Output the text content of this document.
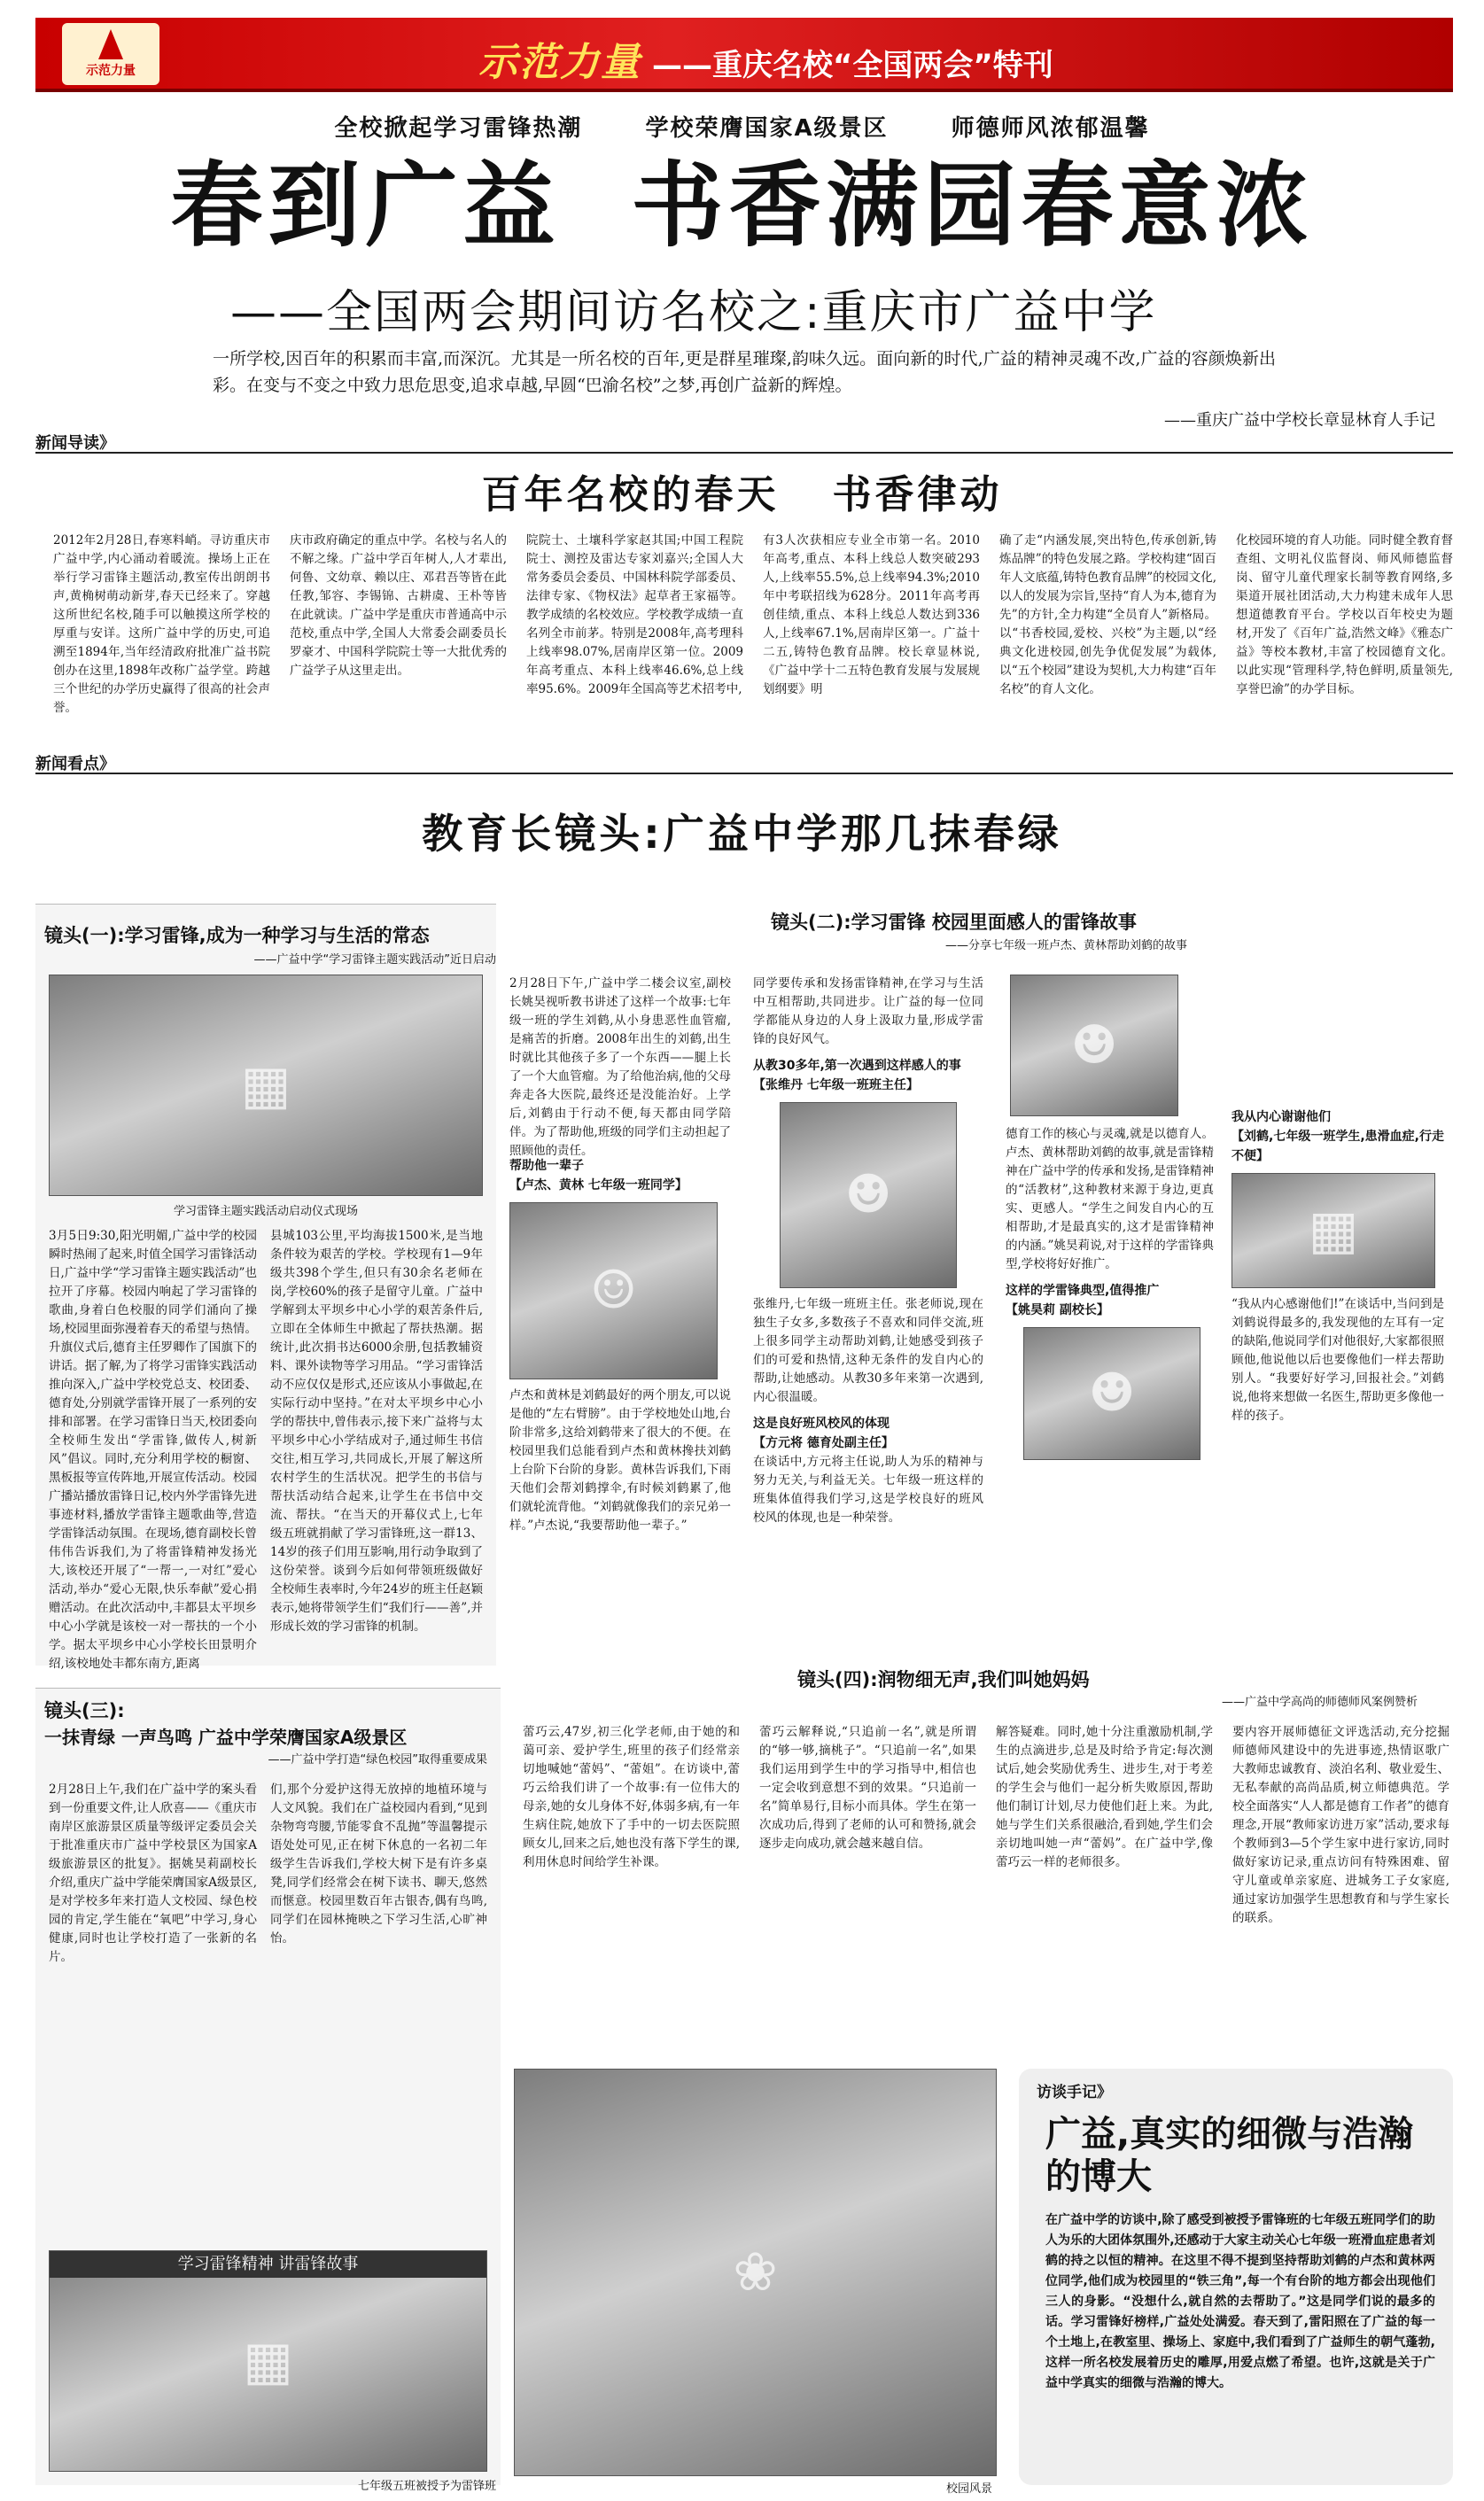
示范力量	示范力量 ——重庆名校“全国两会”特刊
全校掀起学习雷锋热潮	学校荣膺国家A级景区	师德师风浓郁温馨
春到广益 书香满园春意浓
——全国两会期间访名校之:重庆市广益中学
一所学校,因百年的积累而丰富,而深沉。尤其是一所名校的百年,更是群星璀璨,韵味久远。面向新的时代,广益的精神灵魂不改,广益的容颜焕新出彩。在变与不变之中致力思危思变,追求卓越,早圆“巴渝名校”之梦,再创广益新的辉煌。
——重庆广益中学校长章显林育人手记
新闻导读》
百年名校的春天 书香律动
2012年2月28日,春寒料峭。寻访重庆市广益中学,内心涌动着暖流。操场上正在举行学习雷锋主题活动,教室传出朗朗书声,黄桷树萌动新芽,春天已经来了。穿越这所世纪名校,随手可以触摸这所学校的厚重与安详。这所广益中学的历史,可追溯至1894年,当年经清政府批准广益书院创办在这里,1898年改称广益学堂。跨越三个世纪的办学历史赢得了很高的社会声誉。
庆市政府确定的重点中学。名校与名人的不解之缘。广益中学百年树人,人才辈出,何鲁、文幼章、赖以庄、邓君吾等皆在此任教,邹容、李锡锦、古耕虞、王朴等皆在此就读。广益中学是重庆市普通高中示范校,重点中学,全国人大常委会副委员长罗豪才、中国科学院院士等一大批优秀的广益学子从这里走出。
院院士、土壤科学家赵其国;中国工程院院士、测控及雷达专家刘嘉兴;全国人大常务委员会委员、中国林科院学部委员、法律专家、《物权法》起草者王家福等。教学成绩的名校效应。学校教学成绩一直名列全市前茅。特别是2008年,高考理科上线率98.07%,居南岸区第一位。2009年高考重点、本科上线率46.6%,总上线率95.6%。2009年全国高等艺术招考中,
有3人次获相应专业全市第一名。2010年高考,重点、本科上线总人数突破293人,上线率55.5%,总上线率94.3%;2010年中考联招线为628分。2011年高考再创佳绩,重点、本科上线总人数达到336人,上线率67.1%,居南岸区第一。广益十二五,铸特色教育品牌。校长章显林说,《广益中学十二五特色教育发展与发展规划纲要》明
确了走“内涵发展,突出特色,传承创新,铸炼品牌”的特色发展之路。学校构建“固百年人文底蕴,铸特色教育品牌”的校园文化,以人的发展为宗旨,坚持“育人为本,德育为先”的方针,全力构建“全员育人”新格局。以“书香校园,爱校、兴校”为主题,以“经典文化进校园,创先争优促发展”为载体,以“五个校园”建设为契机,大力构建“百年名校”的育人文化。
化校园环境的育人功能。同时健全教育督查组、文明礼仪监督岗、师风师德监督岗、留守儿童代理家长制等教育网络,多渠道开展社团活动,大力构建未成年人思想道德教育平台。学校以百年校史为题材,开发了《百年广益,浩然文峰》《雅态广益》等校本教材,丰富了校园德育文化。以此实现“管理科学,特色鲜明,质量领先,享誉巴渝”的办学目标。
新闻看点》
教育长镜头:广益中学那几抹春绿
镜头(一):学习雷锋,成为一种学习与生活的常态
——广益中学“学习雷锋主题实践活动”近日启动
▦
学习雷锋主题实践活动启动仪式现场
3月5日9:30,阳光明媚,广益中学的校园瞬时热闹了起来,时值全国学习雷锋活动日,广益中学“学习雷锋主题实践活动”也拉开了序幕。校园内响起了学习雷锋的歌曲,身着白色校服的同学们涌向了操场,校园里面弥漫着春天的希望与热情。升旗仪式后,德育主任罗卿作了国旗下的讲话。据了解,为了将学习雷锋实践活动推向深入,广益中学校党总支、校团委、德育处,分别就学雷锋开展了一系列的安排和部署。在学习雷锋日当天,校团委向全校师生发出“学雷锋,做传人,树新风”倡议。同时,充分利用学校的橱窗、黑板报等宣传阵地,开展宣传活动。校园广播站播放雷锋日记,校内外学雷锋先进事迹材料,播放学雷锋主题歌曲等,营造学雷锋活动氛围。在现场,德育副校长曾伟伟告诉我们,为了将雷锋精神发扬光大,该校还开展了“一帮一,一对红”爱心活动,举办“爱心无限,快乐奉献”爱心捐赠活动。在此次活动中,丰都县太平坝乡中心小学就是该校一对一帮扶的一个小学。据太平坝乡中心小学校长田景明介绍,该校地处丰都东南方,距离
县城103公里,平均海拔1500米,是当地条件较为艰苦的学校。学校现有1—9年级共398个学生,但只有30余名老师在岗,学校60%的孩子是留守儿童。广益中学解到太平坝乡中心小学的艰苦条件后,立即在全体师生中掀起了帮扶热潮。据统计,此次捐书达6000余册,包括教辅资料、课外读物等学习用品。“学习雷锋活动不应仅仅是形式,还应该从小事做起,在实际行动中坚持。”在对太平坝乡中心小学的帮扶中,曾伟表示,接下来广益将与太平坝乡中心小学结成对子,通过师生书信交往,相互学习,共同成长,开展了解这所农村学生的生活状况。把学生的书信与帮扶活动结合起来,让学生在书信中交流、帮扶。“在当天的开幕仪式上,七年级五班就捐献了学习雷锋班,这一群13、14岁的孩子们用互影响,用行动争取到了这份荣誉。谈到今后如何带领班级做好全校师生表率时,今年24岁的班主任赵颖表示,她将带领学生们“我们行——善”,并形成长效的学习雷锋的机制。
2月28日下午,广益中学二楼会议室,副校长姚昊视听教书讲述了这样一个故事:七年级一班的学生刘鹤,从小身患恶性血管瘤,是痛苦的折磨。2008年出生的刘鹤,出生时就比其他孩子多了一个东西——腿上长了一个大血管瘤。为了给他治病,他的父母奔走各大医院,最终还是没能治好。上学后,刘鹤由于行动不便,每天都由同学陪伴。为了帮助他,班级的同学们主动担起了照顾他的责任。
镜头(二):学习雷锋 校园里面感人的雷锋故事
——分享七年级一班卢杰、黄林帮助刘鹤的故事
帮助他一辈子
【卢杰、黄林 七年级一班同学】
☺
卢杰和黄林是刘鹤最好的两个朋友,可以说是他的“左右臂膀”。由于学校地处山地,台阶非常多,这给刘鹤带来了很大的不便。在校园里我们总能看到卢杰和黄林搀扶刘鹤上台阶下台阶的身影。黄林告诉我们,下雨天他们会帮刘鹤撑伞,有时候刘鹤累了,他们就轮流背他。“刘鹤就像我们的亲兄弟一样。”卢杰说,“我要帮助他一辈子。”
同学要传承和发扬雷锋精神,在学习与生活中互相帮助,共同进步。让广益的每一位同学都能从身边的人身上汲取力量,形成学雷锋的良好风气。
从教30多年,第一次遇到这样感人的事
【张维丹 七年级一班班主任】
☻
张维丹,七年级一班班主任。张老师说,现在独生子女多,多数孩子不喜欢和同伴交流,班上很多同学主动帮助刘鹤,让她感受到孩子们的可爱和热情,这种无条件的发自内心的帮助,让她感动。从教30多年来第一次遇到,内心很温暖。
这是良好班风校风的体现
【方元将 德育处副主任】
在谈话中,方元将主任说,助人为乐的精神与努力无关,与利益无关。七年级一班这样的班集体值得我们学习,这是学校良好的班风校风的体现,也是一种荣誉。
☻
德育工作的核心与灵魂,就是以德育人。卢杰、黄林帮助刘鹤的故事,就是雷锋精神在广益中学的传承和发扬,是雷锋精神的“活教材”,这种教材来源于身边,更真实、更感人。“学生之间发自内心的互相帮助,才是最真实的,这才是雷锋精神的内涵。”姚昊莉说,对于这样的学雷锋典型,学校将好好推广。
这样的学雷锋典型,值得推广
【姚昊莉 副校长】
☻
我从内心谢谢他们
【刘鹤,七年级一班学生,患滑血症,行走不便】
▦
“我从内心感谢他们!”在谈话中,当问到是刘鹤说得最多的,我发现他的左耳有一定的缺陷,他说同学们对他很好,大家都很照顾他,他说他以后也要像他们一样去帮助别人。“我要好好学习,回报社会。”刘鹤说,他将来想做一名医生,帮助更多像他一样的孩子。
镜头(三):
一抹青绿 一声鸟鸣 广益中学荣膺国家A级景区
——广益中学打造“绿色校园”取得重要成果
2月28日上午,我们在广益中学的案头看到一份重要文件,让人欣喜——《重庆市南岸区旅游景区质量等级评定委员会关于批准重庆市广益中学校景区为国家A级旅游景区的批复》。据姚昊莉副校长介绍,重庆广益中学能荣膺国家A级景区,是对学校多年来打造人文校园、绿色校园的肯定,学生能在“氧吧”中学习,身心健康,同时也让学校打造了一张新的名片。
们,那个分爱护这得无放掉的地植环境与人文风貌。我们在广益校园内看到,“见到杂物弯弯腰,节能零食不乱抛”等温馨提示语处处可见,正在树下休息的一名初二年级学生告诉我们,学校大树下是有许多桌凳,同学们经常会在树下读书、聊天,悠然而惬意。校园里数百年古银杏,偶有鸟鸣,同学们在园林掩映之下学习生活,心旷神怡。
学习雷锋精神 讲雷锋故事
▦
七年级五班被授予为雷锋班
镜头(四):润物细无声,我们叫她妈妈
——广益中学高尚的师德师风案例赞析
蕾巧云,47岁,初三化学老师,由于她的和蔼可亲、爱护学生,班里的孩子们经常亲切地喊她“蕾妈”、“蕾姐”。在访谈中,蕾巧云给我们讲了一个故事:有一位伟大的母亲,她的女儿身体不好,体弱多病,有一年生病住院,她放下了手中的一切去医院照顾女儿,回来之后,她也没有落下学生的课,利用休息时间给学生补课。
蕾巧云解释说,“只追前一名”,就是所谓的“够一够,摘桃子”。“只追前一名”,如果我们运用到学生中的学习指导中,相信也一定会收到意想不到的效果。“只追前一名”简单易行,目标小而具体。学生在第一次成功后,得到了老师的认可和赞扬,就会逐步走向成功,就会越来越自信。
解答疑难。同时,她十分注重激励机制,学生的点滴进步,总是及时给予肯定:每次测试后,她会奖励优秀生、进步生,对于考差的学生会与他们一起分析失败原因,帮助他们制订计划,尽力使他们赶上来。为此,她与学生们关系很融洽,看到她,学生们会亲切地叫她一声“蕾妈”。在广益中学,像蕾巧云一样的老师很多。
要内容开展师德征文评选活动,充分挖掘师德师风建设中的先进事迹,热情讴歌广大教师忠诚教育、淡泊名利、敬业爱生、无私奉献的高尚品质,树立师德典范。学校全面落实“人人都是德育工作者”的德育理念,开展“教师家访进万家”活动,要求每个教师到3—5个学生家中进行家访,同时做好家访记录,重点访问有特殊困难、留守儿童或单亲家庭、进城务工子女家庭,通过家访加强学生思想教育和与学生家长的联系。
❀
校园风景
访谈手记》
广益,真实的细微与浩瀚的博大
在广益中学的访谈中,除了感受到被授予雷锋班的七年级五班同学们的助人为乐的大团体氛围外,还感动于大家主动关心七年级一班滑血症患者刘鹤的持之以恒的精神。在这里不得不提到坚持帮助刘鹤的卢杰和黄林两位同学,他们成为校园里的“铁三角”,每一个有台阶的地方都会出现他们三人的身影。“没想什么,就自然的去帮助了。”这是同学们说的最多的话。学习雷锋好榜样,广益处处满爱。春天到了,雷阳照在了广益的每一个土地上,在教室里、操场上、家庭中,我们看到了广益师生的朝气蓬勃,这样一所名校发展着历史的雕厚,用爱点燃了希望。也许,这就是关于广益中学真实的细微与浩瀚的博大。
